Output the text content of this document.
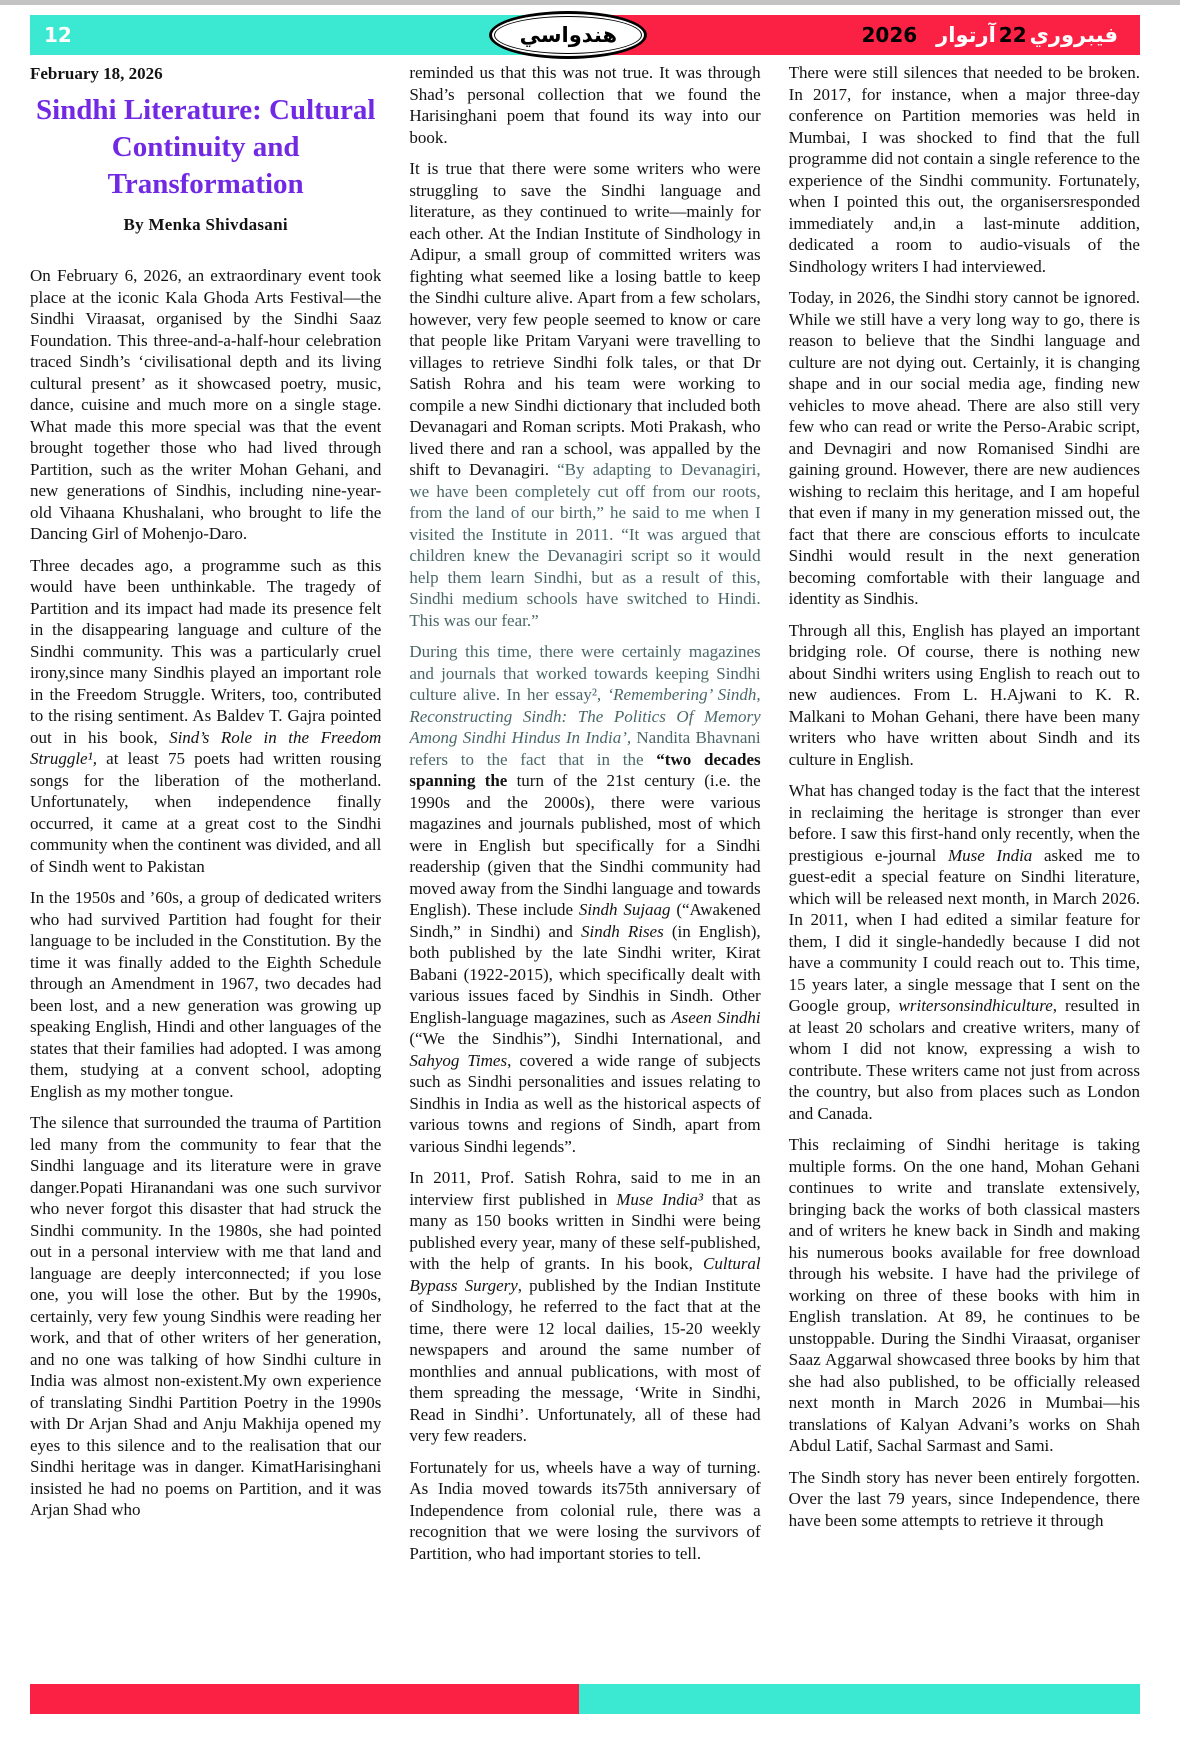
12	2026 آرتوار 22 فيبروري
هندواسي

February 18, 2026

Sindhi Literature: Cultural Continuity and Transformation

By Menka Shivdasani

On February 6, 2026, an extraordinary event took place at the iconic Kala Ghoda Arts Festival—the Sindhi Viraasat, organised by the Sindhi Saaz Foundation. This three-and-a-half-hour celebration traced Sindh’s ‘civilisational depth and its living cultural present’ as it showcased poetry, music, dance, cuisine and much more on a single stage. What made this more special was that the event brought together those who had lived through Partition, such as the writer Mohan Gehani, and new generations of Sindhis, including nine-year-old Vihaana Khushalani, who brought to life the Dancing Girl of Mohenjo-Daro.

Three decades ago, a programme such as this would have been unthinkable. The tragedy of Partition and its impact had made its presence felt in the disappearing language and culture of the Sindhi community. This was a particularly cruel irony,since many Sindhis played an important role in the Freedom Struggle. Writers, too, contributed to the rising sentiment. As Baldev T. Gajra pointed out in his book, Sind’s Role in the Freedom Struggle¹, at least 75 poets had written rousing songs for the liberation of the motherland. Unfortunately, when independence finally occurred, it came at a great cost to the Sindhi community when the continent was divided, and all of Sindh went to Pakistan

In the 1950s and ’60s, a group of dedicated writers who had survived Partition had fought for their language to be included in the Constitution. By the time it was finally added to the Eighth Schedule through an Amendment in 1967, two decades had been lost, and a new generation was growing up speaking English, Hindi and other languages of the states that their families had adopted. I was among them, studying at a convent school, adopting English as my mother tongue.

The silence that surrounded the trauma of Partition led many from the community to fear that the Sindhi language and its literature were in grave danger.Popati Hiranandani was one such survivor who never forgot this disaster that had struck the Sindhi community. In the 1980s, she had pointed out in a personal interview with me that land and language are deeply interconnected; if you lose one, you will lose the other. But by the 1990s, certainly, very few young Sindhis were reading her work, and that of other writers of her generation, and no one was talking of how Sindhi culture in India was almost non-existent.My own experience of translating Sindhi Partition Poetry in the 1990s with Dr Arjan Shad and Anju Makhija opened my eyes to this silence and to the realisation that our Sindhi heritage was in danger. KimatHarisinghani insisted he had no poems on Partition, and it was Arjan Shad who

reminded us that this was not true. It was through Shad’s personal collection that we found the Harisinghani poem that found its way into our book.

It is true that there were some writers who were struggling to save the Sindhi language and literature, as they continued to write—mainly for each other. At the Indian Institute of Sindhology in Adipur, a small group of committed writers was fighting what seemed like a losing battle to keep the Sindhi culture alive. Apart from a few scholars, however, very few people seemed to know or care that people like Pritam Varyani were travelling to villages to retrieve Sindhi folk tales, or that Dr Satish Rohra and his team were working to compile a new Sindhi dictionary that included both Devanagari and Roman scripts. Moti Prakash, who lived there and ran a school, was appalled by the shift to Devanagiri. “By adapting to Devanagiri, we have been completely cut off from our roots, from the land of our birth,” he said to me when I visited the Institute in 2011. “It was argued that children knew the Devanagiri script so it would help them learn Sindhi, but as a result of this, Sindhi medium schools have switched to Hindi. This was our fear.”

During this time, there were certainly magazines and journals that worked towards keeping Sindhi culture alive. In her essay², ‘Remembering’ Sindh, Reconstructing Sindh: The Politics Of Memory Among Sindhi Hindus In India’, Nandita Bhavnani refers to the fact that in the “two decades spanning the turn of the 21st century (i.e. the 1990s and the 2000s), there were various magazines and journals published, most of which were in English but specifically for a Sindhi readership (given that the Sindhi community had moved away from the Sindhi language and towards English). These include Sindh Sujaag (“Awakened Sindh,” in Sindhi) and Sindh Rises (in English), both published by the late Sindhi writer, Kirat Babani (1922-2015), which specifically dealt with various issues faced by Sindhis in Sindh. Other English-language magazines, such as Aseen Sindhi (“We the Sindhis”), Sindhi International, and Sahyog Times, covered a wide range of subjects such as Sindhi personalities and issues relating to Sindhis in India as well as the historical aspects of various towns and regions of Sindh, apart from various Sindhi legends”.

In 2011, Prof. Satish Rohra, said to me in an interview first published in Muse India³ that as many as 150 books written in Sindhi were being published every year, many of these self-published, with the help of grants. In his book, Cultural Bypass Surgery, published by the Indian Institute of Sindhology, he referred to the fact that at the time, there were 12 local dailies, 15-20 weekly newspapers and around the same number of monthlies and annual publications, with most of them spreading the message, ‘Write in Sindhi, Read in Sindhi’. Unfortunately, all of these had very few readers.

Fortunately for us, wheels have a way of turning. As India moved towards its75th anniversary of Independence from colonial rule, there was a recognition that we were losing the survivors of Partition, who had important stories to tell.

There were still silences that needed to be broken. In 2017, for instance, when a major three-day conference on Partition memories was held in Mumbai, I was shocked to find that the full programme did not contain a single reference to the experience of the Sindhi community. Fortunately, when I pointed this out, the organisersresponded immediately and,in a last-minute addition, dedicated a room to audio-visuals of the Sindhology writers I had interviewed.

Today, in 2026, the Sindhi story cannot be ignored. While we still have a very long way to go, there is reason to believe that the Sindhi language and culture are not dying out. Certainly, it is changing shape and in our social media age, finding new vehicles to move ahead. There are also still very few who can read or write the Perso-Arabic script, and Devnagiri and now Romanised Sindhi are gaining ground. However, there are new audiences wishing to reclaim this heritage, and I am hopeful that even if many in my generation missed out, the fact that there are conscious efforts to inculcate Sindhi would result in the next generation becoming comfortable with their language and identity as Sindhis.

Through all this, English has played an important bridging role. Of course, there is nothing new about Sindhi writers using English to reach out to new audiences. From L. H.Ajwani to K. R. Malkani to Mohan Gehani, there have been many writers who have written about Sindh and its culture in English.

What has changed today is the fact that the interest in reclaiming the heritage is stronger than ever before. I saw this first-hand only recently, when the prestigious e-journal Muse India asked me to guest-edit a special feature on Sindhi literature, which will be released next month, in March 2026. In 2011, when I had edited a similar feature for them, I did it single-handedly because I did not have a community I could reach out to. This time, 15 years later, a single message that I sent on the Google group, writersonsindhiculture, resulted in at least 20 scholars and creative writers, many of whom I did not know, expressing a wish to contribute. These writers came not just from across the country, but also from places such as London and Canada.

This reclaiming of Sindhi heritage is taking multiple forms. On the one hand, Mohan Gehani continues to write and translate extensively, bringing back the works of both classical masters and of writers he knew back in Sindh and making his numerous books available for free download through his website. I have had the privilege of working on three of these books with him in English translation. At 89, he continues to be unstoppable. During the Sindhi Viraasat, organiser Saaz Aggarwal showcased three books by him that she had also published, to be officially released next month in March 2026 in Mumbai—his translations of Kalyan Advani’s works on Shah Abdul Latif, Sachal Sarmast and Sami.

The Sindh story has never been entirely forgotten. Over the last 79 years, since Independence, there have been some attempts to retrieve it through
